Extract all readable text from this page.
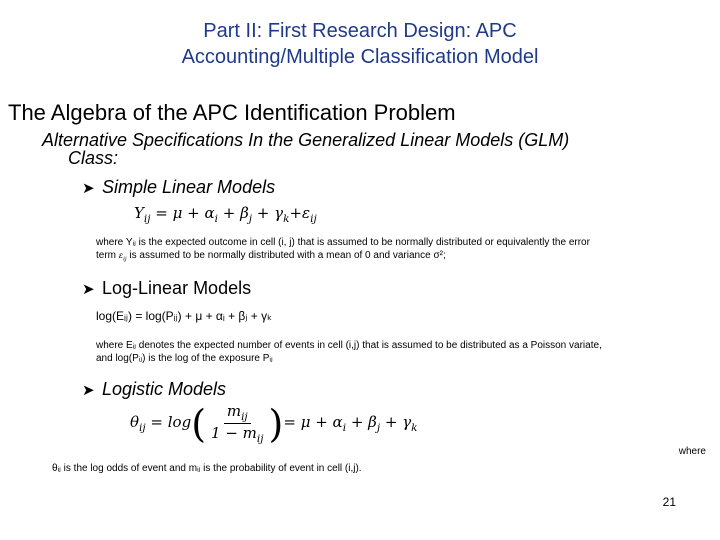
Part II: First Research Design: APC
Accounting/Multiple Classification Model
The Algebra of the APC Identification Problem
Alternative Specifications In the Generalized Linear Models (GLM)
Class:
➤ Simple Linear Models
$Y_{ij} = \mu + \alpha_i + \beta_j + \gamma_k+\varepsilon_{ij}$
where Yᵢⱼ is the expected outcome in cell (i, j) that is assumed to be normally distributed or equivalently the error
term $\varepsilon_{ij}$ is assumed to be normally distributed with a mean of 0 and variance σ²;
➤ Log-Linear Models
log(Eᵢⱼ) = log(Pᵢⱼ) + μ + αᵢ + βⱼ + γₖ
where Eᵢⱼ denotes the expected number of events in cell (i,j) that is assumed to be distributed as a Poisson variate,
and log(Pᵢⱼ) is the log of the exposure Pᵢⱼ
➤ Logistic Models
$\theta_{ij} = \log$ ( $\frac{m_{ij}}{1 - m_{ij}}$ ) = $\mu + \alpha_i + \beta_j + \gamma_k$
where
θᵢⱼ is the log odds of event and mᵢⱼ is the probability of event in cell (i,j).
21
